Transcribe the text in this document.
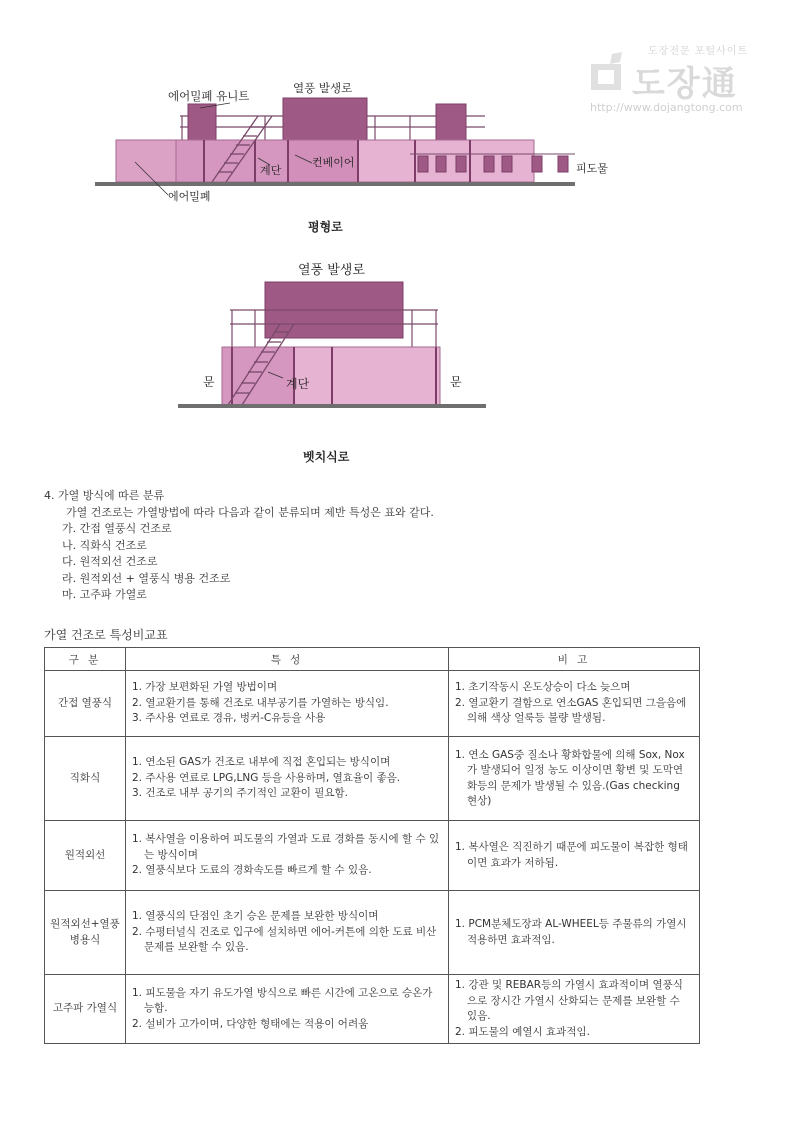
도장전문 포털사이트
도장通
http://www.dojangtong.com
에어밀폐 유니트
열풍 발생로
계단
컨베이어	피도물
에어밀폐
평형로
열풍 발생로
문	문
계단
벳치식로
4. 가열 방식에 따른 분류
가열 건조로는 가열방법에 따라 다음과 같이 분류되며 제반 특성은 표와 같다.
가. 간접 열풍식 건조로
나. 직화식 건조로
다. 원적외선 건조로
라. 원적외선 + 열풍식 병용 건조로
마. 고주파 가열로
가열 건조로 특성비교표
구 분	특 성	비 고
간접 열풍식	1. 가장 보편화된 가열 방법이며
2. 열교환기를 통해 건조로 내부공기를 가열하는 방식임.
3. 주사용 연료로 경유, 벙커-C유등을 사용	1. 초기작동시 온도상승이 다소 늦으며
2. 열교환기 결함으로 연소GAS 혼입되면 그을음에 의해 색상 얼룩등 불량 발생됨.

직화식	1. 연소된 GAS가 건조로 내부에 직접 혼입되는 방식이며
2. 주사용 연료로 LPG,LNG 등을 사용하며, 열효율이 좋음.
3. 건조로 내부 공기의 주기적인 교환이 필요함.	1. 연소 GAS중 질소나 황화합물에 의해 Sox, Nox가 발생되어 일정 농도 이상이면 황변 및 도막연화등의 문제가 발생될 수 있음.(Gas checking 현상)

원적외선	1. 복사열을 이용하여 피도물의 가열과 도료 경화를 동시에 할 수 있는 방식이며
2. 열풍식보다 도료의 경화속도를 빠르게 할 수 있음.	1. 복사열은 직진하기 때문에 피도물이 복잡한 형태이면 효과가 저하됨.

원적외선+열풍병용식	1. 열풍식의 단점인 초기 승온 문제를 보완한 방식이며
2. 수평터널식 건조로 입구에 설치하면 에어-커튼에 의한 도료 비산 문제를 보완할 수 있음.	1. PCM분체도장과 AL-WHEEL등 주물류의 가열시 적용하면 효과적임.

고주파 가열식	1. 피도물을 자기 유도가열 방식으로 빠른 시간에 고온으로 승온가능함.
2. 설비가 고가이며, 다양한 형태에는 적용이 어려움	1. 강관 및 REBAR등의 가열시 효과적이며 열풍식으로 장시간 가열시 산화되는 문제를 보완할 수 있음.
2. 피도물의 예열시 효과적임.
